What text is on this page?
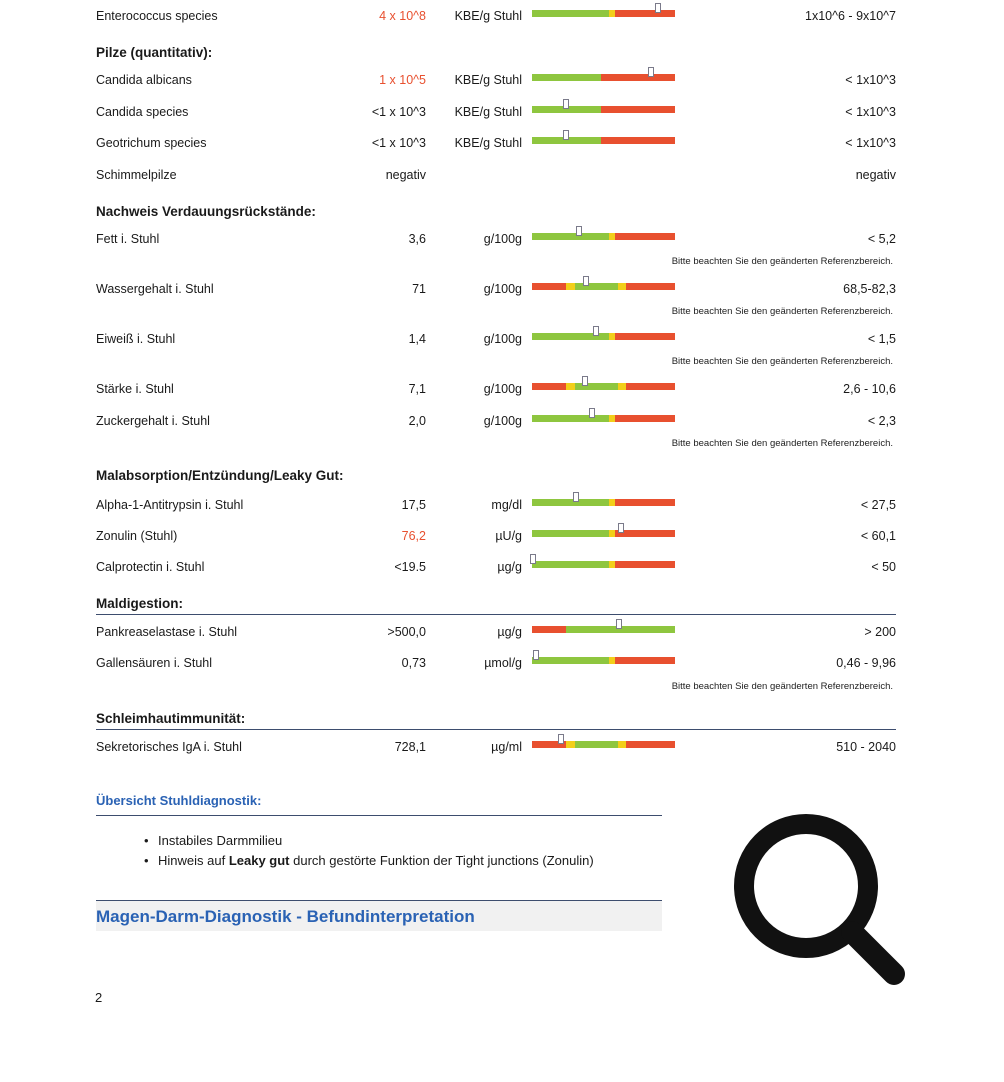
Enterococcus species	4 x 10^8 KBE/g Stuhl	1x10^6 - 9x10^7
Pilze (quantitativ):
Candida albicans	1 x 10^5 KBE/g Stuhl	< 1x10^3
Candida species	<1 x 10^3 KBE/g Stuhl	< 1x10^3
Geotrichum species	<1 x 10^3 KBE/g Stuhl	< 1x10^3
Schimmelpilze	negativ	negativ
Nachweis Verdauungsrückstände:
Fett i. Stuhl	3,6	g/100g	< 5,2
Bitte beachten Sie den geänderten Referenzbereich.
Wassergehalt i. Stuhl	71	g/100g	68,5-82,3
Bitte beachten Sie den geänderten Referenzbereich.
Eiweiß i. Stuhl	1,4	g/100g	< 1,5
Bitte beachten Sie den geänderten Referenzbereich.
Stärke i. Stuhl	7,1	g/100g	2,6 - 10,6
Zuckergehalt i. Stuhl	2,0	g/100g	< 2,3
Bitte beachten Sie den geänderten Referenzbereich.
Malabsorption/Entzündung/Leaky Gut:
Alpha-1-Antitrypsin i. Stuhl	17,5	mg/dl	< 27,5
Zonulin (Stuhl)	76,2	µU/g	< 60,1
Calprotectin i. Stuhl	<19.5	µg/g	< 50
Maldigestion:
Pankreaselastase i. Stuhl	>500,0	µg/g	> 200
Gallensäuren i. Stuhl	0,73	µmol/g	0,46 - 9,96
Bitte beachten Sie den geänderten Referenzbereich.
Schleimhautimmunität:
Sekretorisches IgA i. Stuhl	728,1	µg/ml	510 - 2040
Übersicht Stuhldiagnostik:
• Instabiles Darmmilieu
• Hinweis auf Leaky gut durch gestörte Funktion der Tight junctions (Zonulin)
Magen-Darm-Diagnostik - Befundinterpretation
2
